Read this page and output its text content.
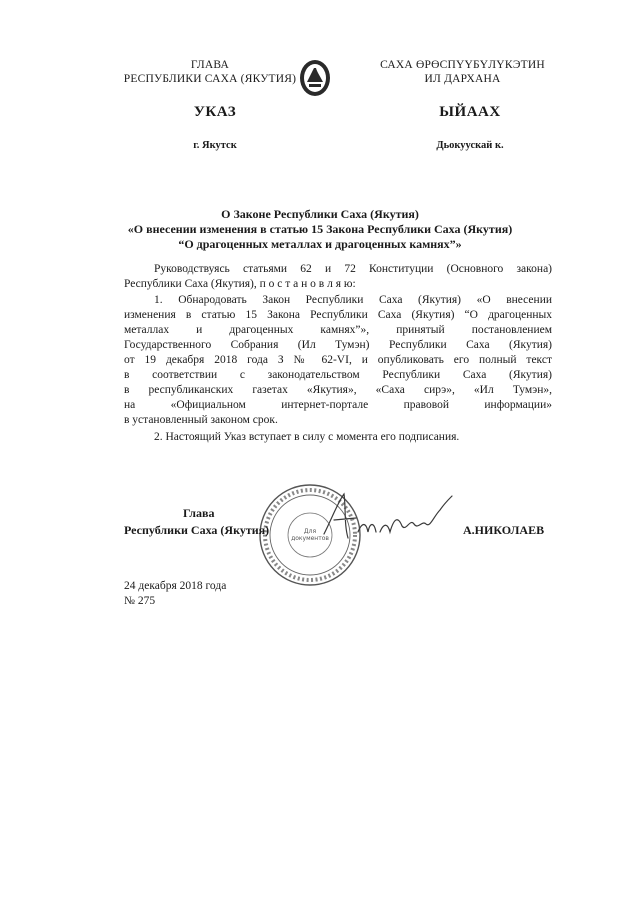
ГЛАВА
РЕСПУБЛИКИ САХА (ЯКУТИЯ)
САХА ӨРӨСПҮҮБҮЛҮКЭТИН
ИЛ ДАРХАНА
УКАЗ	ЫЙААХ
г. Якутск	Дьокуускай к.
О Законе Республики Саха (Якутия)
«О внесении изменения в статью 15 Закона Республики Саха (Якутия)
“О драгоценных металлах и драгоценных камнях”»
Руководствуясь статьями 62 и 72 Конституции (Основного закона)
Республики Саха (Якутия), п о с т а н о в л я ю:
1. Обнародовать Закон Республики Саха (Якутия) «О внесении
изменения в статью 15 Закона Республики Саха (Якутия) “О драгоценных
металлах и драгоценных камнях”», принятый постановлением
Государственного Собрания (Ил Тумэн) Республики Саха (Якутия)
от 19 декабря 2018 года З № 62-VI, и опубликовать его полный текст
в соответствии с законодательством Республики Саха (Якутия)
в республиканских газетах «Якутия», «Саха сирэ», «Ил Тумэн»,
на «Официальном интернет-портале правовой информации»
в установленный законом срок.
2. Настоящий Указ вступает в силу с момента его подписания.
Для документов
Глава
Республики Саха (Якутия)	А.НИКОЛАЕВ
24 декабря 2018 года
№ 275
